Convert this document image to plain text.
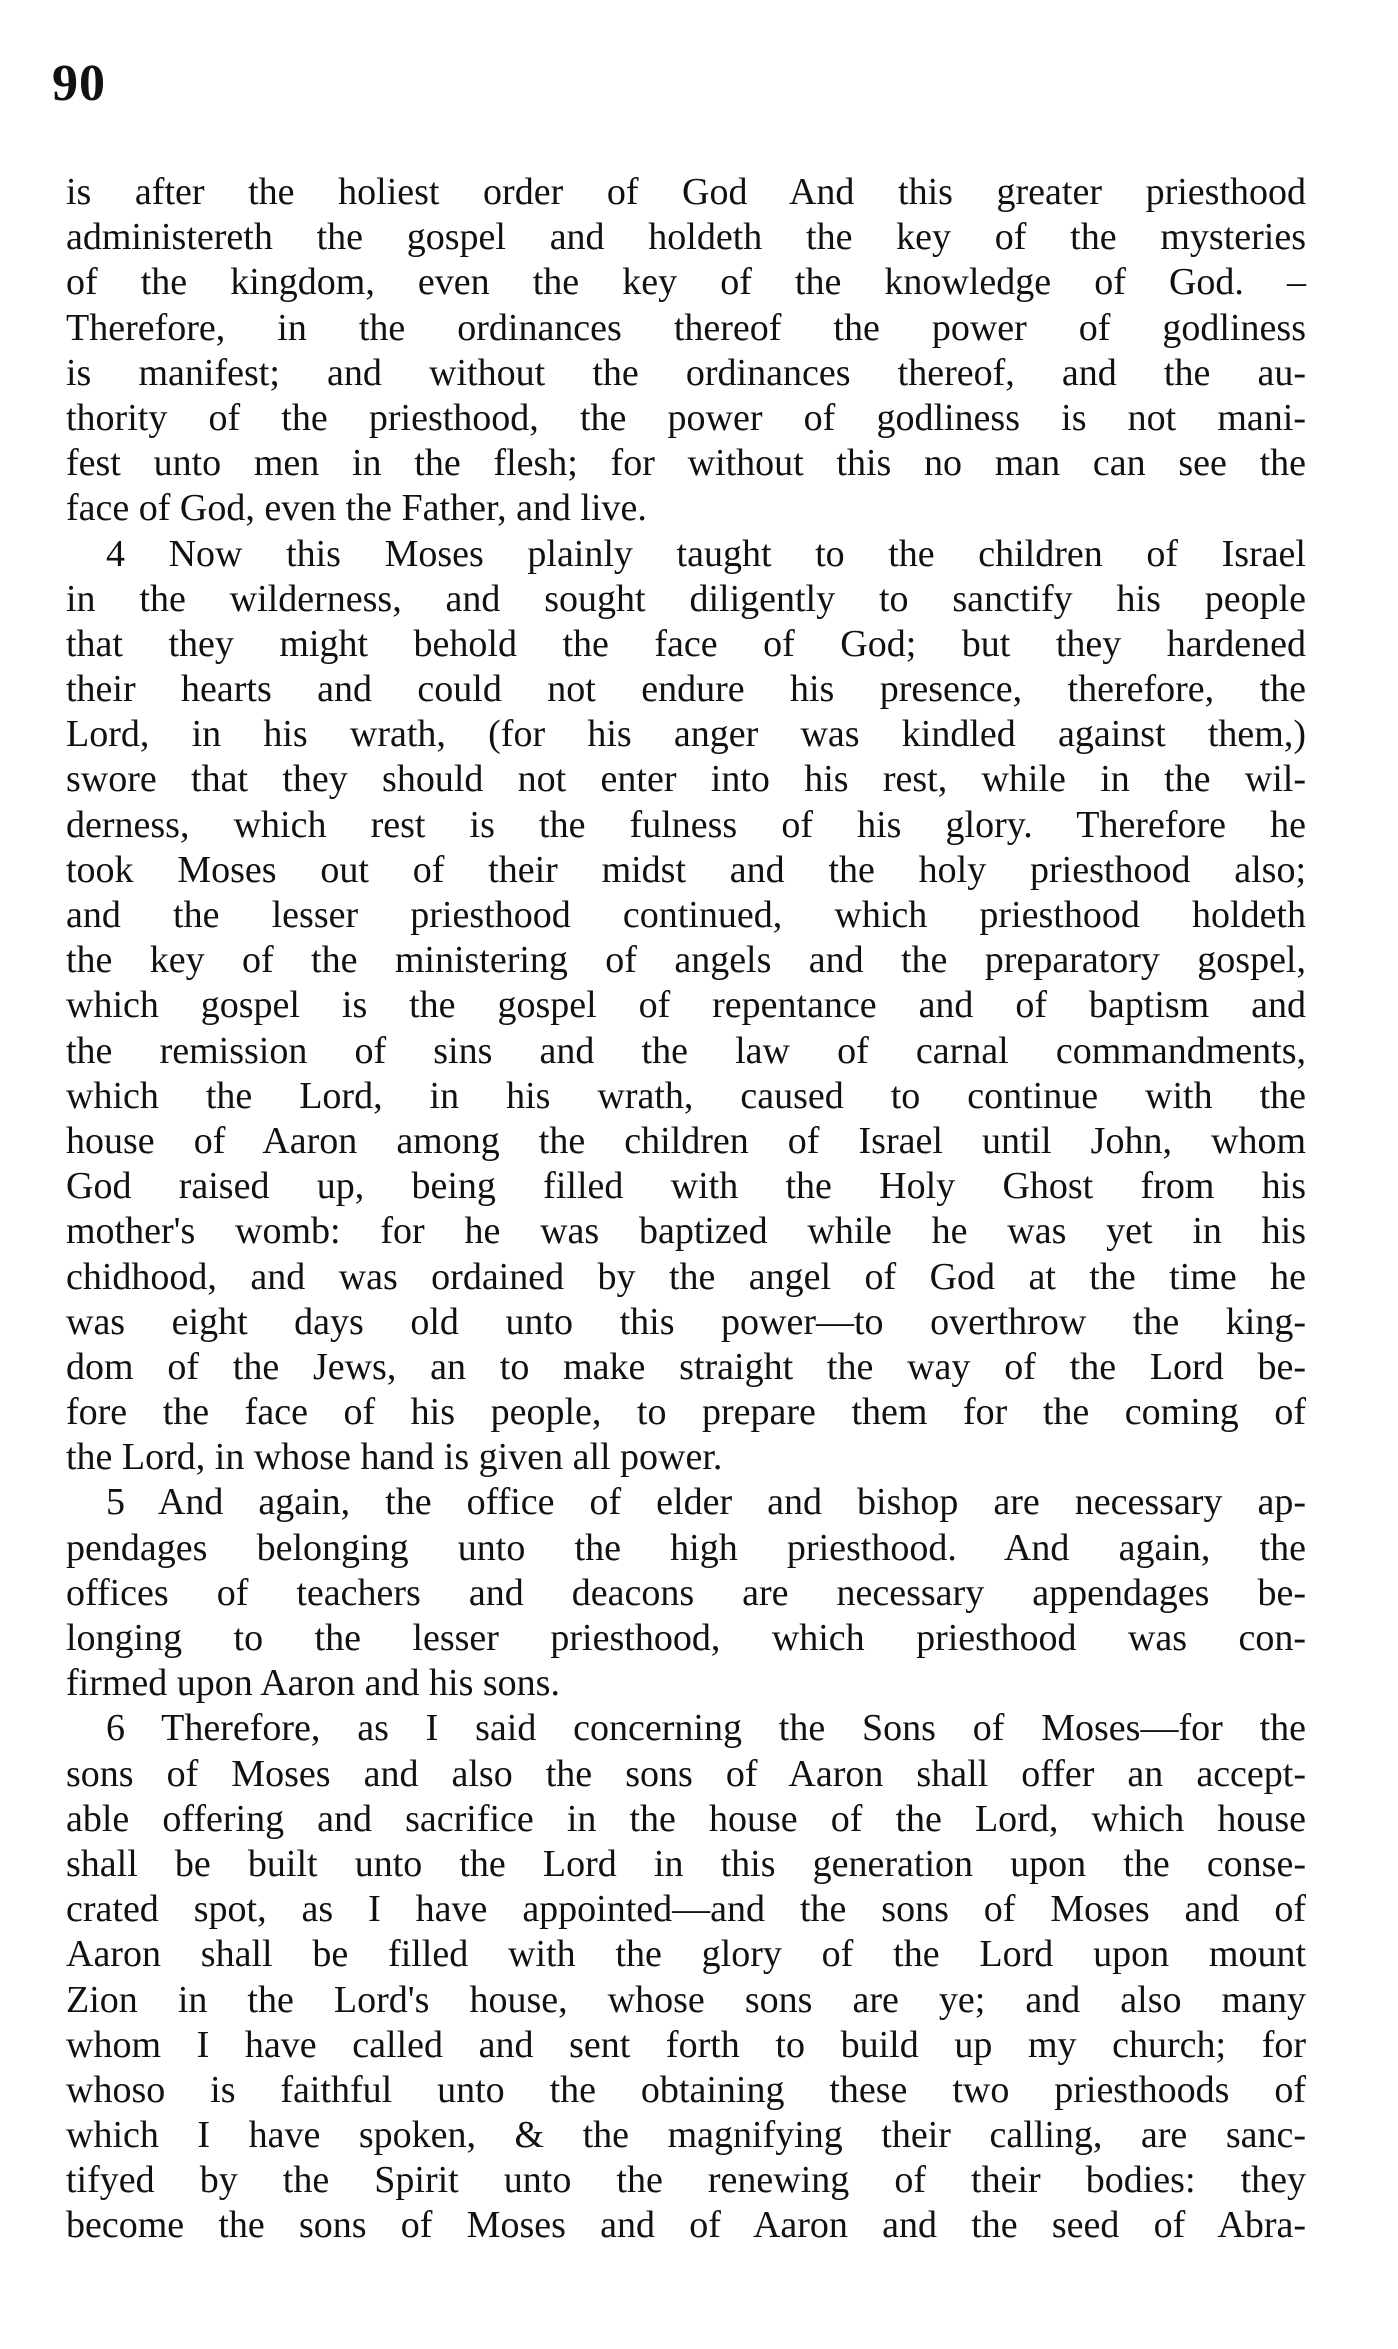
90
is after the holiest order of God And this greater priesthood
administereth the gospel and holdeth the key of the mysteries
of the kingdom, even the key of the knowledge of God. –
Therefore, in the ordinances thereof the power of godliness
is manifest; and without the ordinances thereof, and the au-
thority of the priesthood, the power of godliness is not mani-
fest unto men in the flesh; for without this no man can see the
face of God, even the Father, and live.
4 Now this Moses plainly taught to the children of Israel
in the wilderness, and sought diligently to sanctify his people
that they might behold the face of God; but they hardened
their hearts and could not endure his presence, therefore, the
Lord, in his wrath, (for his anger was kindled against them,)
swore that they should not enter into his rest, while in the wil-
derness, which rest is the fulness of his glory. Therefore he
took Moses out of their midst and the holy priesthood also;
and the lesser priesthood continued, which priesthood holdeth
the key of the ministering of angels and the preparatory gospel,
which gospel is the gospel of repentance and of baptism and
the remission of sins and the law of carnal commandments,
which the Lord, in his wrath, caused to continue with the
house of Aaron among the children of Israel until John, whom
God raised up, being filled with the Holy Ghost from his
mother's womb: for he was baptized while he was yet in his
chidhood, and was ordained by the angel of God at the time he
was eight days old unto this power—to overthrow the king-
dom of the Jews, an to make straight the way of the Lord be-
fore the face of his people, to prepare them for the coming of
the Lord, in whose hand is given all power.
5 And again, the office of elder and bishop are necessary ap-
pendages belonging unto the high priesthood. And again, the
offices of teachers and deacons are necessary appendages be-
longing to the lesser priesthood, which priesthood was con-
firmed upon Aaron and his sons.
6 Therefore, as I said concerning the Sons of Moses—for the
sons of Moses and also the sons of Aaron shall offer an accept-
able offering and sacrifice in the house of the Lord, which house
shall be built unto the Lord in this generation upon the conse-
crated spot, as I have appointed—and the sons of Moses and of
Aaron shall be filled with the glory of the Lord upon mount
Zion in the Lord's house, whose sons are ye; and also many
whom I have called and sent forth to build up my church; for
whoso is faithful unto the obtaining these two priesthoods of
which I have spoken, & the magnifying their calling, are sanc-
tifyed by the Spirit unto the renewing of their bodies: they
become the sons of Moses and of Aaron and the seed of Abra-
